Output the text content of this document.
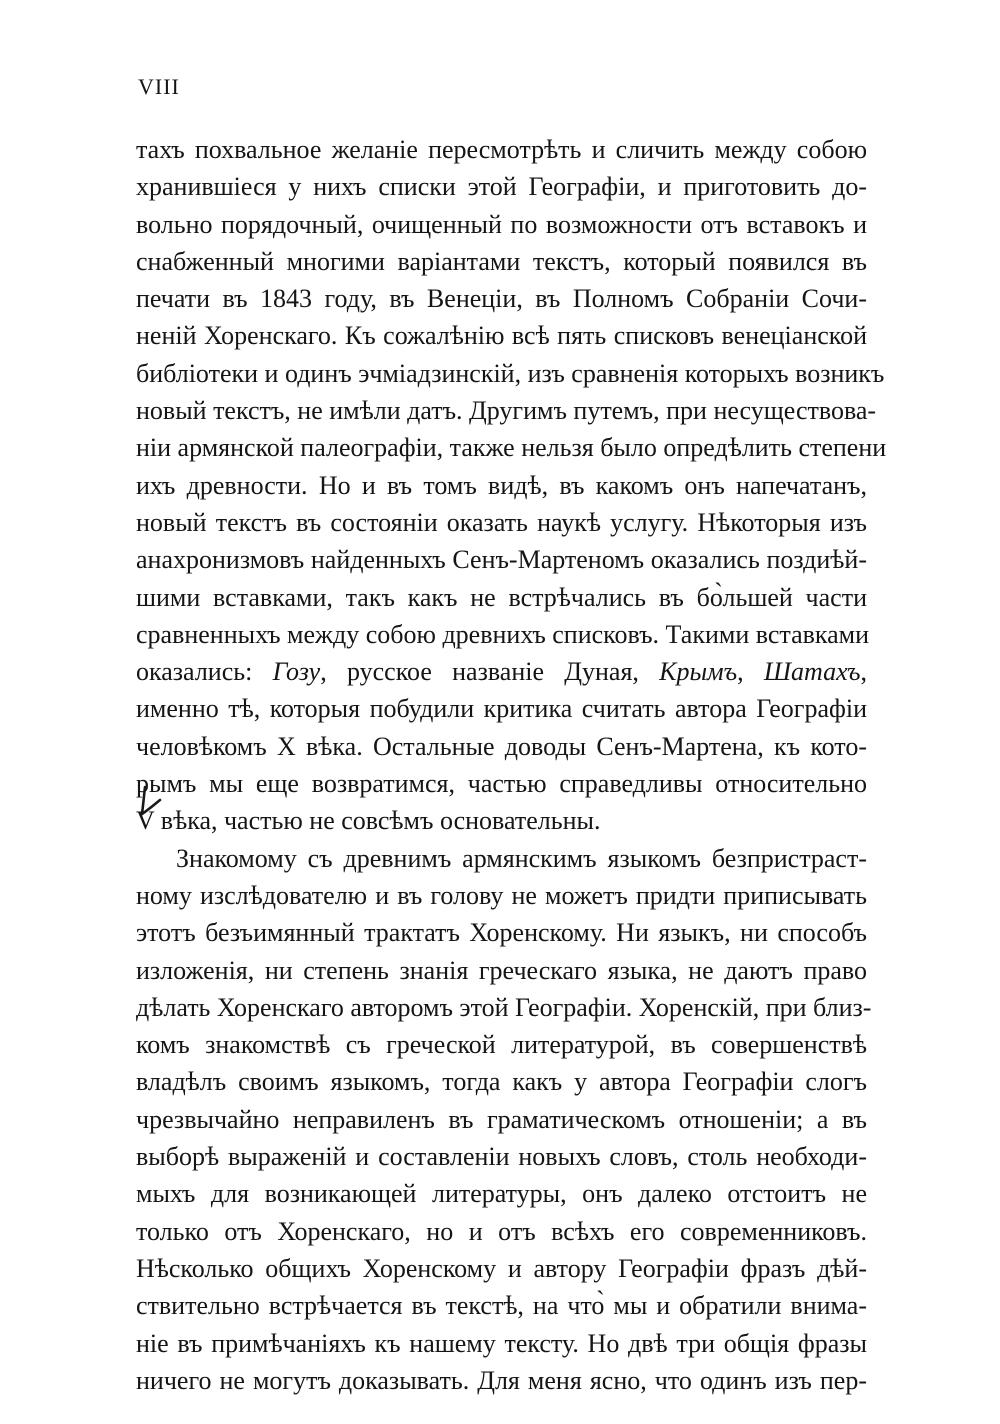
VIII
тахъ похвальное желаніе пересмотрѣть и сличить между собою
хранившіеся у нихъ списки этой Географіи, и приготовить до-
вольно порядочный, очищенный по возможности отъ вставокъ и
снабженный многими варіантами текстъ, который появился въ
печати въ 1843 году, въ Венеціи, въ Полномъ Собраніи Сочи-
неній Хоренскаго. Къ сожалѣнію всѣ пять списковъ венеціанской
библіотеки и одинъ эчміадзинскій, изъ сравненія которыхъ возникъ
новый текстъ, не имѣли датъ. Другимъ путемъ, при несуществова-
ніи армянской палеографіи, также нельзя было опредѣлить степени
ихъ древности. Но и въ томъ видѣ, въ какомъ онъ напечатанъ,
новый текстъ въ состояніи оказать наукѣ услугу. Нѣкоторыя изъ
анахронизмовъ найденныхъ Сенъ-Мартеномъ оказались поздиѣй-
шими вставками, такъ какъ не встрѣчались въ бо̀льшей части
сравненныхъ между собою древнихъ списковъ. Такими вставками
оказались: Гозу, русское названіе Дуная, Крымъ, Шатахъ,
именно тѣ, которыя побудили критика считать автора Географіи
человѣкомъ X вѣка. Остальные доводы Сенъ-Мартена, къ кото-
рымъ мы еще возвратимся, частью справедливы относительно
V вѣка, частью не совсѣмъ основательны.
Знакомому съ древнимъ армянскимъ языкомъ безпристраст-
ному изслѣдователю и въ голову не можетъ придти приписывать
этотъ безъимянный трактатъ Хоренскому. Ни языкъ, ни способъ
изложенія, ни степень знанія греческаго языка, не даютъ право
дѣлать Хоренскаго авторомъ этой Географіи. Хоренскій, при близ-
комъ знакомствѣ съ греческой литературой, въ совершенствѣ
владѣлъ своимъ языкомъ, тогда какъ у автора Географіи слогъ
чрезвычайно неправиленъ въ граматическомъ отношеніи; а въ
выборѣ выраженій и составленіи новыхъ словъ, столь необходи-
мыхъ для возникающей литературы, онъ далеко отстоитъ не
только отъ Хоренскаго, но и отъ всѣхъ его современниковъ.
Нѣсколько общихъ Хоренскому и автору Географіи фразъ дѣй-
ствительно встрѣчается въ текстѣ, на что̀ мы и обратили внима-
ніе въ примѣчаніяхъ къ нашему тексту. Но двѣ три общія фразы
ничего не могутъ доказывать. Для меня ясно, что одинъ изъ пер-
